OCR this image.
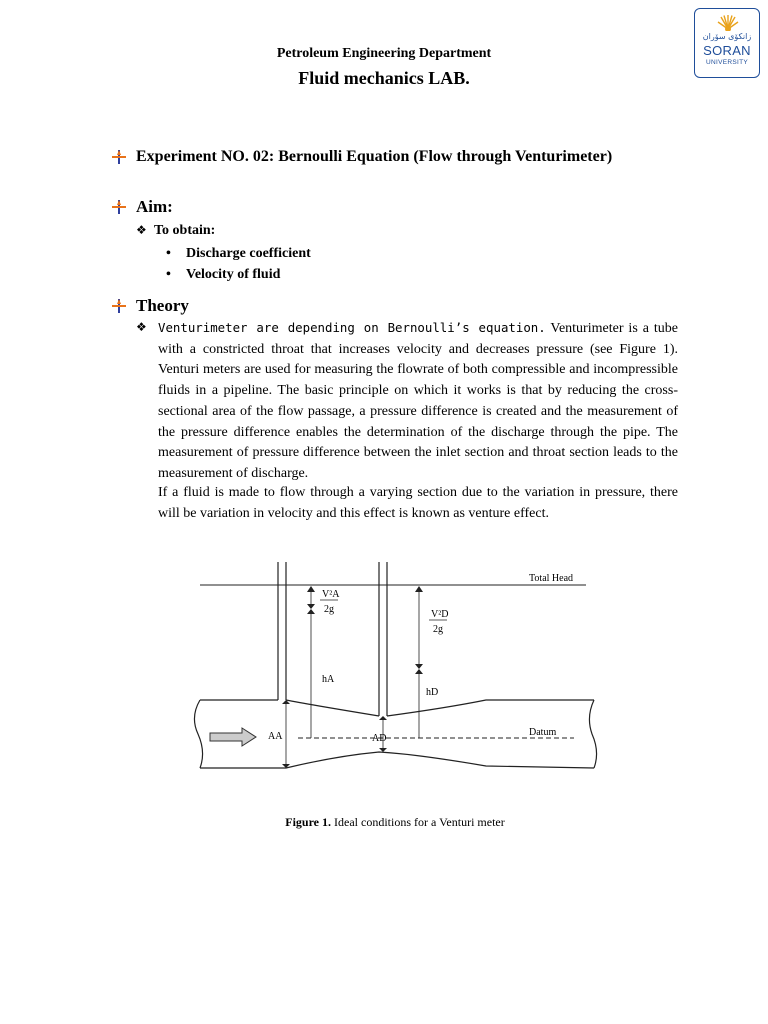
زانكۆی سۆران
SORAN
UNIVERSITY
Petroleum Engineering Department
Fluid mechanics LAB.
Experiment NO. 02: Bernoulli Equation (Flow through Venturimeter)
Aim:
❖ To obtain:
• Discharge coefficient
• Velocity of fluid
Theory
❖ Venturimeter are depending on Bernoulli’s equation. Venturimeter is a tube with a constricted throat that increases velocity and decreases pressure (see Figure 1). Venturi meters are used for measuring the flowrate of both compressible and incompressible fluids in a pipeline. The basic principle on which it works is that by reducing the cross-sectional area of the flow passage, a pressure difference is created and the measurement of the pressure difference enables the determination of the discharge through the pipe. The measurement of pressure difference between the inlet section and throat section leads to the measurement of discharge.
If a fluid is made to flow through a varying section due to the variation in pressure, there will be variation in velocity and this effect is known as venture effect.
Total Head
Datum
V²A
2g	V²D
2g
hA
hD
AA	AD
Figure 1. Ideal conditions for a Venturi meter
